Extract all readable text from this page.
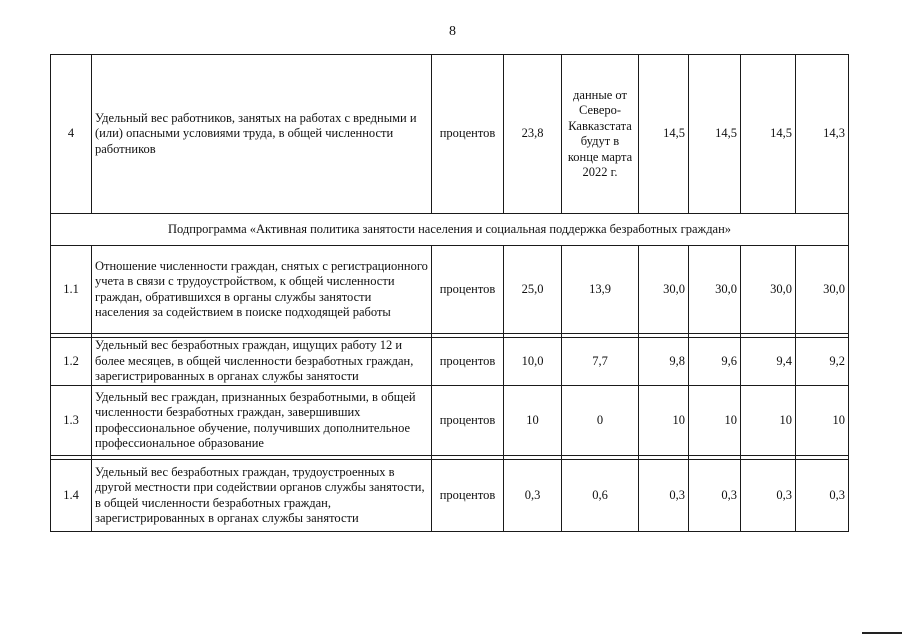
8
4	Удельный вес работников, занятых на работах с вредными и (или) опасными условиями труда, в общей численности работников	процентов	23,8	данные от Северо-Кавказстата будут в конце марта 2022 г.	14,5	14,5	14,5	14,3
Подпрограмма «Активная политика занятости населения и социальная поддержка безработных граждан»								
1.1	Отношение численности граждан, снятых с регистрационного учета в связи с трудоустройством, к общей численности граждан, обратившихся в органы службы занятости населения за содействием в поиске подходящей работы	процентов	25,0	13,9	30,0	30,0	30,0	30,0

1.2	Удельный вес безработных граждан, ищущих работу 12 и более месяцев, в общей численности безработных граждан, зарегистрированных в органах службы занятости	процентов	10,0	7,7	9,8	9,6	9,4	9,2
1.3	Удельный вес граждан, признанных безработными, в общей численности безработных граждан, завершивших профессиональное обучение, получивших дополнительное профессиональное образование	процентов	10	0	10	10	10	10

1.4	Удельный вес безработных граждан, трудоустроенных в другой местности при содействии органов службы занятости, в общей численности безработных граждан, зарегистрированных в органах службы занятости	процентов	0,3	0,6	0,3	0,3	0,3	0,3
